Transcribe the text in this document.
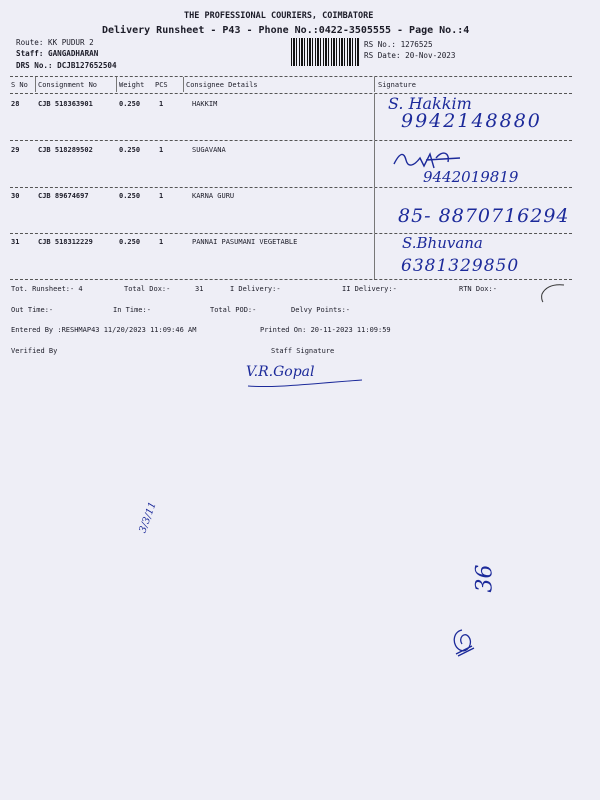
THE PROFESSIONAL COURIERS, COIMBATORE
Delivery Runsheet - P43 - Phone No.:0422-3505555 - Page No.:4
Route: KK PUDUR 2
Staff: GANGADHARAN
DRS No.: DCJB127652504
RS No.: 1276525
RS Date: 20-Nov-2023
S No Consignment No	Weight PCS	Consignee Details	Signature
28	CJB 518363901	0.250	1	HAKKIM	S. Hakkim
9942148880
29	CJB 518289502	0.250	1	SUGAVANA
9442019819
30	CJB 89674697	0.250	1	KARNA GURU
85- 8870716294
31	CJB 518312229	0.250	1	PANNAI PASUMANI VEGETABLE	S.Bhuvana
6381329850
Tot. Runsheet:- 4	Total Dox:-	31	I Delivery:-	II Delivery:-	RTN Dox:-
Out Time:-	In Time:-	Total POD:-	Delvy Points:-
Entered By :RESHMAP43 11/20/2023 11:09:46 AM	Printed On: 20-11-2023 11:09:59
Verified By	Staff Signature
V.R.Gopal
3/3/11
36
